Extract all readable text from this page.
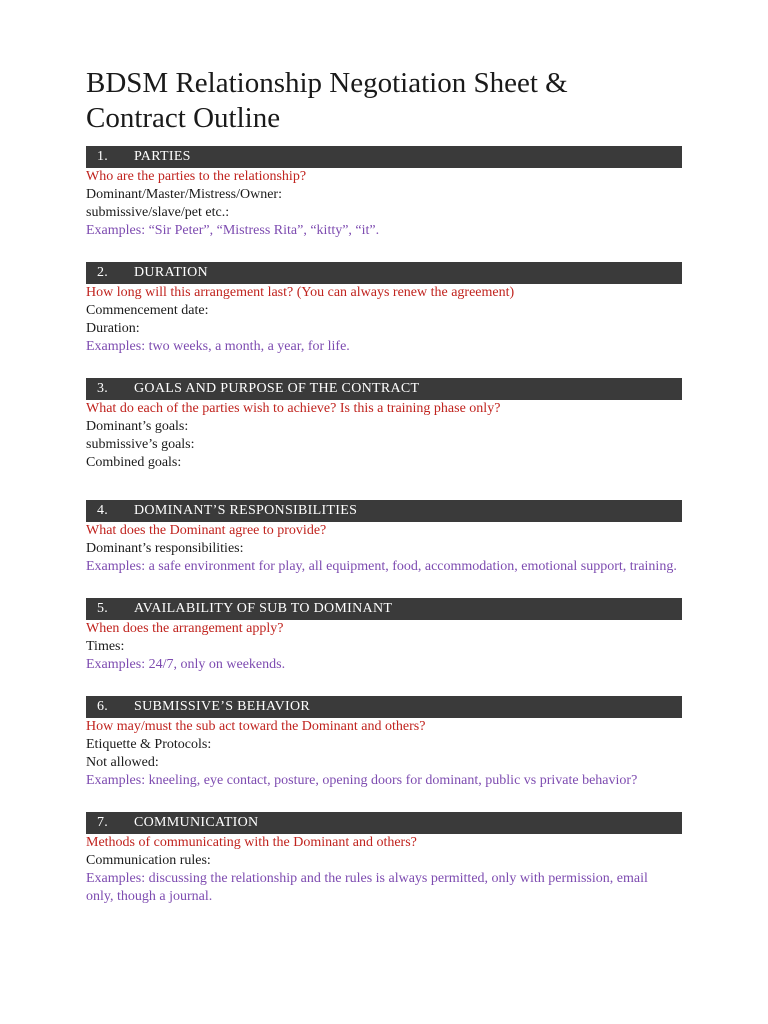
BDSM Relationship Negotiation Sheet &
Contract Outline
1.	PARTIES

Who are the parties to the relationship?

Dominant/Master/Mistress/Owner:

submissive/slave/pet etc.:

Examples: “Sir Peter”, “Mistress Rita”, “kitty”, “it”.

2.	DURATION

How long will this arrangement last? (You can always renew the agreement)

Commencement date:

Duration:

Examples: two weeks, a month, a year, for life.

3.	GOALS AND PURPOSE OF THE CONTRACT

What do each of the parties wish to achieve? Is this a training phase only?

Dominant’s goals:

submissive’s goals:

Combined goals:

4.	DOMINANT’S RESPONSIBILITIES

What does the Dominant agree to provide?

Dominant’s responsibilities:

Examples: a safe environment for play, all equipment, food, accommodation, emotional support, training.

5.	AVAILABILITY OF SUB TO DOMINANT

When does the arrangement apply?

Times:

Examples: 24/7, only on weekends.

6.	SUBMISSIVE’S BEHAVIOR

How may/must the sub act toward the Dominant and others?

Etiquette & Protocols:

Not allowed:

Examples: kneeling, eye contact, posture, opening doors for dominant, public vs private behavior?

7.	COMMUNICATION

Methods of communicating with the Dominant and others?

Communication rules:

Examples: discussing the relationship and the rules is always permitted, only with permission, email only, though a journal.
